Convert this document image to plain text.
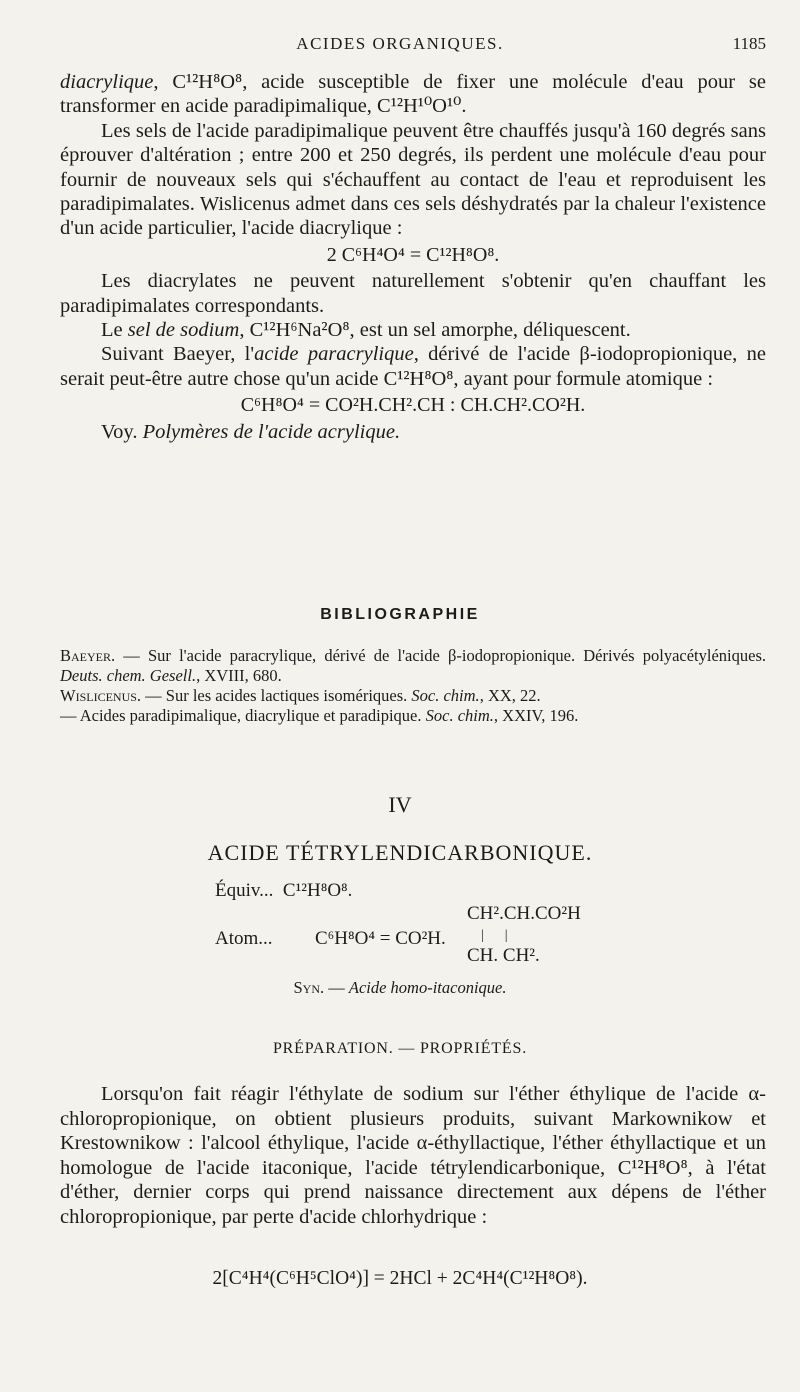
ACIDES ORGANIQUES.	1185

diacrylique, C¹²H⁸O⁸, acide susceptible de fixer une molécule d'eau pour se transformer en acide paradipimalique, C¹²H¹⁰O¹⁰.

Les sels de l'acide paradipimalique peuvent être chauffés jusqu'à 160 degrés sans éprouver d'altération ; entre 200 et 250 degrés, ils perdent une molécule d'eau pour fournir de nouveaux sels qui s'échauffent au contact de l'eau et reproduisent les paradipimalates. Wislicenus admet dans ces sels déshydratés par la chaleur l'existence d'un acide particulier, l'acide diacrylique :

2 C⁶H⁴O⁴ = C¹²H⁸O⁸.

Les diacrylates ne peuvent naturellement s'obtenir qu'en chauffant les paradipimalates correspondants.

Le sel de sodium, C¹²H⁶Na²O⁸, est un sel amorphe, déliquescent.

Suivant Baeyer, l'acide paracrylique, dérivé de l'acide β-iodopropionique, ne serait peut-être autre chose qu'un acide C¹²H⁸O⁸, ayant pour formule atomique :

C⁶H⁸O⁴ = CO²H.CH².CH : CH.CH².CO²H.

Voy. Polymères de l'acide acrylique.

BIBLIOGRAPHIE

Baeyer. — Sur l'acide paracrylique, dérivé de l'acide β-iodopropionique. Dérivés polyacétyléniques. Deuts. chem. Gesell., XVIII, 680.

Wislicenus. — Sur les acides lactiques isomériques. Soc. chim., XX, 22.

— Acides paradipimalique, diacrylique et paradipique. Soc. chim., XXIV, 196.

IV
ACIDE TÉTRYLENDICARBONIQUE.
Équiv... C¹²H⁸O⁸.
CH².CH.CO²H
Atom... C⁶H⁸O⁴ = CO²H.	|      |
CH. CH².
Syn. — Acide homo-itaconique.
PRÉPARATION. — PROPRIÉTÉS.

Lorsqu'on fait réagir l'éthylate de sodium sur l'éther éthylique de l'acide α-chloropropionique, on obtient plusieurs produits, suivant Markownikow et Krestownikow : l'alcool éthylique, l'acide α-éthyllactique, l'éther éthyllactique et un homologue de l'acide itaconique, l'acide tétrylendicarbonique, C¹²H⁸O⁸, à l'état d'éther, dernier corps qui prend naissance directement aux dépens de l'éther chloropropionique, par perte d'acide chlorhydrique :

2[C⁴H⁴(C⁶H⁵ClO⁴)] = 2HCl + 2C⁴H⁴(C¹²H⁸O⁸).
